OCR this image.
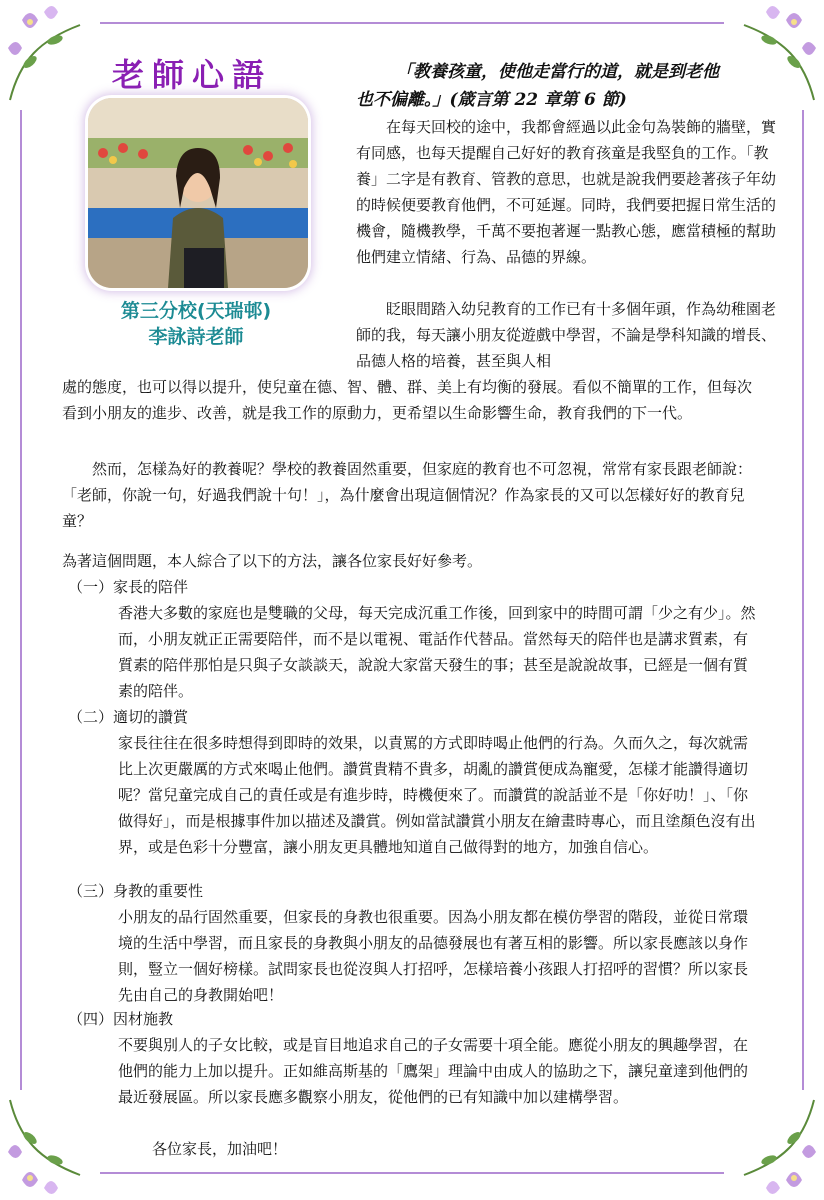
老師心語
第三分校(天瑞邨)
李詠詩老師
「教養孩童，使他走當行的道，就是到老他
也不偏離。」(箴言第 22 章第 6 節)
在每天回校的途中，我都會經過以此金句為裝飾的牆壁，實有同感，也每天提醒自己好好的教育孩童是我堅負的工作。「教養」二字是有教育、管教的意思，也就是說我們要趁著孩子年幼的時候便要教育他們，不可延遲。同時，我們要把握日常生活的機會，隨機教學，千萬不要抱著遲一點教心態，應當積極的幫助他們建立情緒、行為、品德的界線。
眨眼間踏入幼兒教育的工作已有十多個年頭，作為幼稚園老師的我，每天讓小朋友從遊戲中學習，不論是學科知識的增長、品德人格的培養，甚至與人相
處的態度，也可以得以提升，使兒童在德、智、體、群、美上有均衡的發展。看似不簡單的工作，但每次看到小朋友的進步、改善，就是我工作的原動力，更希望以生命影響生命，教育我們的下一代。
然而，怎樣為好的教養呢？學校的教養固然重要，但家庭的教育也不可忽視，常常有家長跟老師說：「老師，你說一句，好過我們說十句！」，為什麼會出現這個情況？作為家長的又可以怎樣好好的教育兒童？
為著這個問題，本人綜合了以下的方法，讓各位家長好好參考。
（一）家長的陪伴
香港大多數的家庭也是雙職的父母，每天完成沉重工作後，回到家中的時間可謂「少之有少」。然而，小朋友就正正需要陪伴，而不是以電視、電話作代替品。當然每天的陪伴也是講求質素，有質素的陪伴那怕是只與子女談談天，說說大家當天發生的事；甚至是說說故事，已經是一個有質素的陪伴。
（二）適切的讚賞
家長往往在很多時想得到即時的效果，以責罵的方式即時喝止他們的行為。久而久之，每次就需比上次更嚴厲的方式來喝止他們。讚賞貴精不貴多，胡亂的讚賞便成為寵愛，怎樣才能讚得適切呢？當兒童完成自己的責任或是有進步時，時機便來了。而讚賞的說話並不是「你好叻！」、「你做得好」，而是根據事件加以描述及讚賞。例如當試讚賞小朋友在繪畫時專心，而且塗顏色沒有出界，或是色彩十分豐富，讓小朋友更具體地知道自己做得對的地方，加強自信心。
（三）身教的重要性
小朋友的品行固然重要，但家長的身教也很重要。因為小朋友都在模仿學習的階段，並從日常環境的生活中學習，而且家長的身教與小朋友的品德發展也有著互相的影響。所以家長應該以身作則，豎立一個好榜樣。試問家長也從沒與人打招呼，怎樣培養小孩跟人打招呼的習慣？所以家長先由自己的身教開始吧！
（四）因材施教
不要與別人的子女比較，或是盲目地追求自己的子女需要十項全能。應從小朋友的興趣學習，在他們的能力上加以提升。正如維高斯基的「鷹架」理論中由成人的協助之下，讓兒童達到他們的最近發展區。所以家長應多觀察小朋友，從他們的已有知識中加以建構學習。
各位家長，加油吧！
